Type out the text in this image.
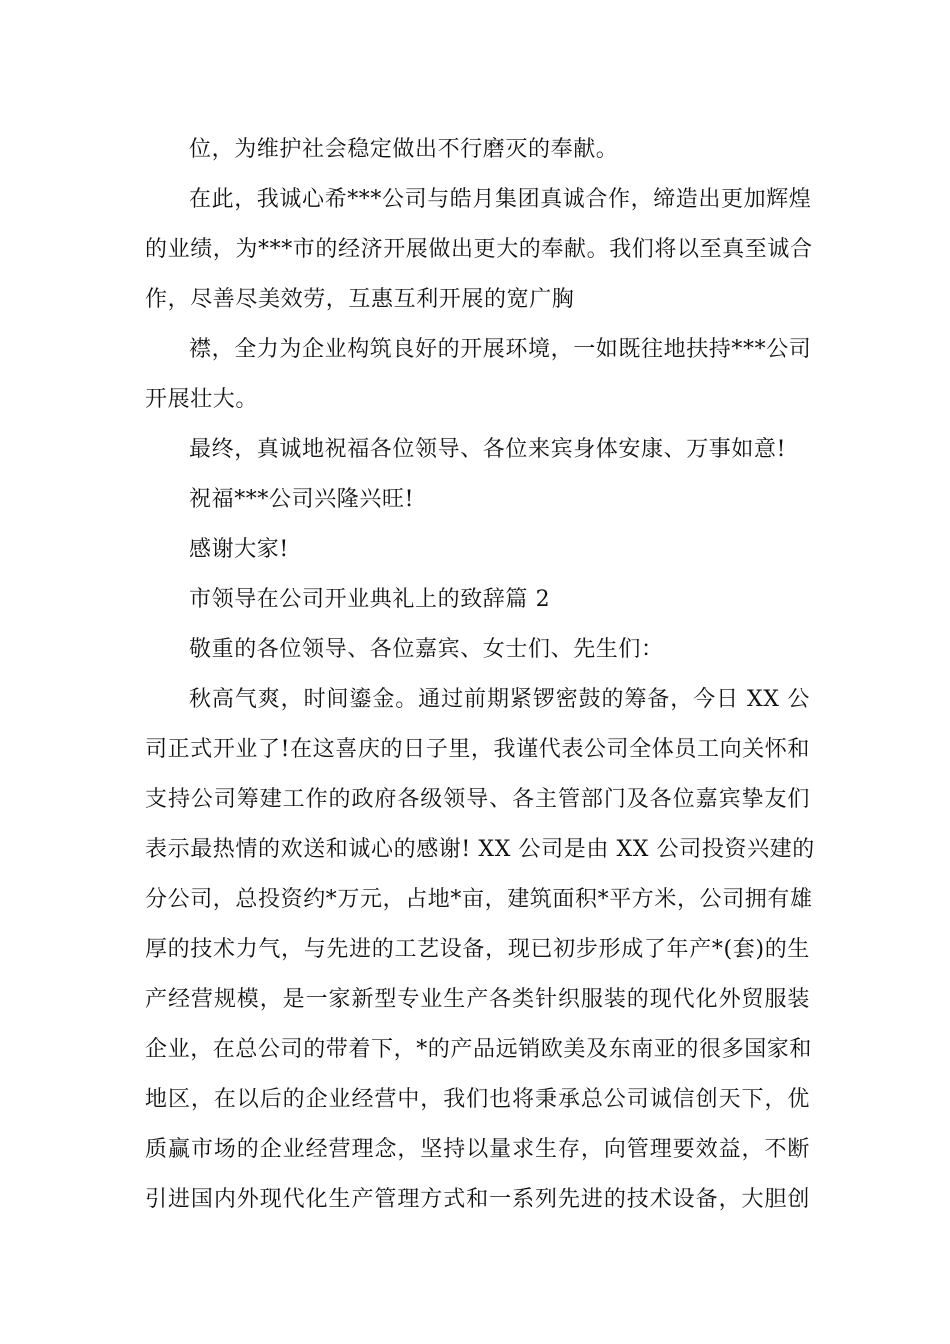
位，为维护社会稳定做出不行磨灭的奉献。
在此，我诚心希***公司与皓月集团真诚合作，缔造出更加辉煌
的业绩，为***市的经济开展做出更大的奉献。我们将以至真至诚合
作，尽善尽美效劳，互惠互利开展的宽广胸
襟，全力为企业构筑良好的开展环境，一如既往地扶持***公司
开展壮大。
最终，真诚地祝福各位领导、各位来宾身体安康、万事如意!
祝福***公司兴隆兴旺!
感谢大家!
市领导在公司开业典礼上的致辞篇 2
敬重的各位领导、各位嘉宾、女士们、先生们：
秋高气爽，时间鎏金。通过前期紧锣密鼓的筹备，今日 XX 公
司正式开业了!在这喜庆的日子里，我谨代表公司全体员工向关怀和
支持公司筹建工作的政府各级领导、各主管部门及各位嘉宾挚友们
表示最热情的欢送和诚心的感谢! XX 公司是由 XX 公司投资兴建的
分公司，总投资约*万元，占地*亩，建筑面积*平方米，公司拥有雄
厚的技术力气，与先进的工艺设备，现已初步形成了年产*(套)的生
产经营规模，是一家新型专业生产各类针织服装的现代化外贸服装
企业，在总公司的带着下，*的产品远销欧美及东南亚的很多国家和
地区，在以后的企业经营中，我们也将秉承总公司诚信创天下，优
质赢市场的企业经营理念，坚持以量求生存，向管理要效益，不断
引进国内外现代化生产管理方式和一系列先进的技术设备，大胆创
